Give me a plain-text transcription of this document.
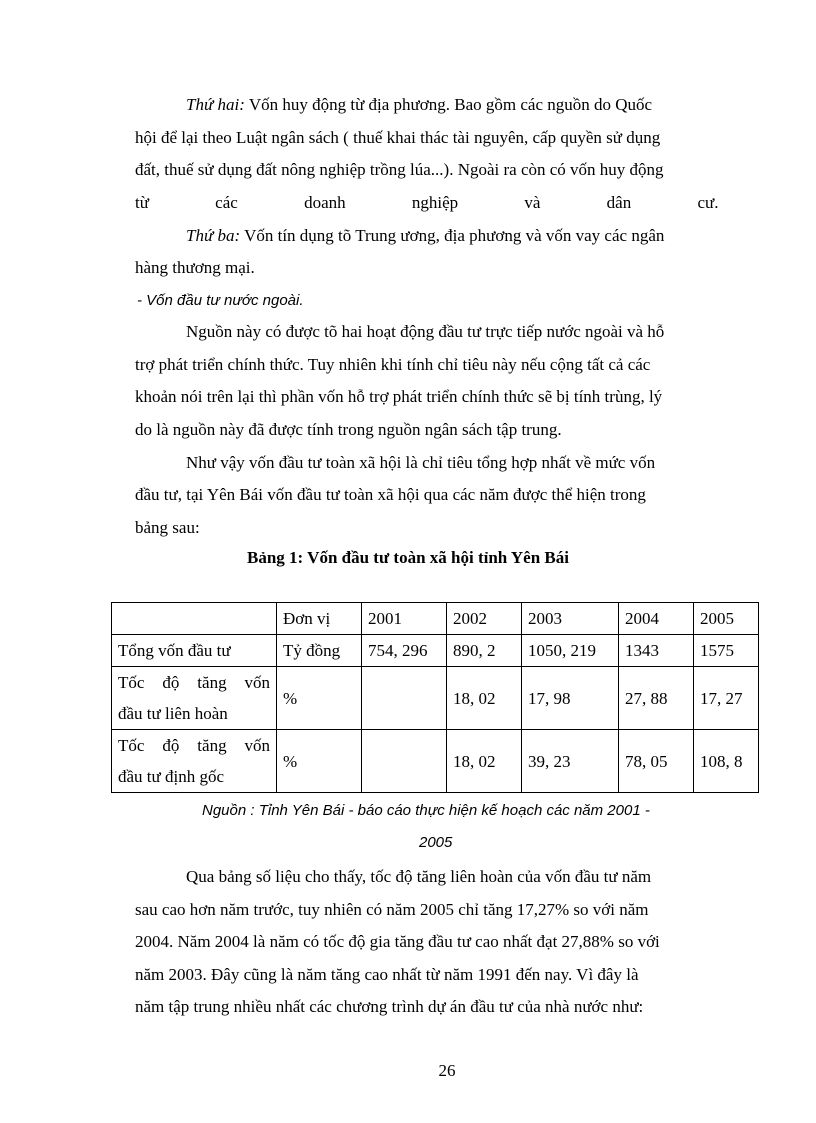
Thứ hai: Vốn huy động từ địa phương. Bao gồm các nguồn do Quốc
hội để lại theo Luật ngân sách ( thuế khai thác tài nguyên, cấp quyền sử dụng
đất, thuế sử dụng đất nông nghiệp trồng lúa...). Ngoài ra còn có vốn huy động
từ các doanh nghiệp và dân cư.
Thứ ba: Vốn tín dụng tõ Trung ương, địa phương và vốn vay các ngân
hàng thương mại.
- Vốn đầu tư nước ngoài.
Nguồn này có được tõ hai hoạt động đầu tư trực tiếp nước ngoài và hỗ
trợ phát triển chính thức. Tuy nhiên khi tính chỉ tiêu này nếu cộng tất cả các
khoản nói trên lại thì phần vốn hỗ trợ phát triển chính thức sẽ bị tính trùng, lý
do là nguồn này đã được tính trong nguồn ngân sách tập trung.
Như vậy vốn đầu tư toàn xã hội là chỉ tiêu tổng hợp nhất về mức vốn
đầu tư, tại Yên Bái vốn đầu tư toàn xã hội qua các năm được thể hiện trong
bảng sau:
Bảng 1: Vốn đầu tư toàn xã hội tỉnh Yên Bái
	Đơn vị	2001	2002	2003	2004	2005
Tổng vốn đầu tư	Tỷ đồng	754, 296	890, 2	1050, 219	1343	1575

Tốc độ tăng vốn
đầu tư liên hoàn	%		18, 02	17, 98	27, 88	17, 27

Tốc độ tăng vốn
đầu tư định gốc	%		18, 02	39, 23	78, 05	108, 8
Nguồn : Tỉnh Yên Bái - báo cáo thực hiện kế hoạch các năm 2001 -
2005
Qua bảng số liệu cho thấy, tốc độ tăng liên hoàn của vốn đầu tư năm
sau cao hơn năm trước, tuy nhiên có năm 2005 chỉ tăng 17,27% so với năm
2004. Năm 2004 là năm có tốc độ gia tăng đầu tư cao nhất đạt 27,88% so với
năm 2003. Đây cũng là năm tăng cao nhất từ năm 1991 đến nay. Vì đây là
năm tập trung nhiều nhất các chương trình dự án đầu tư của nhà nước như:
26
